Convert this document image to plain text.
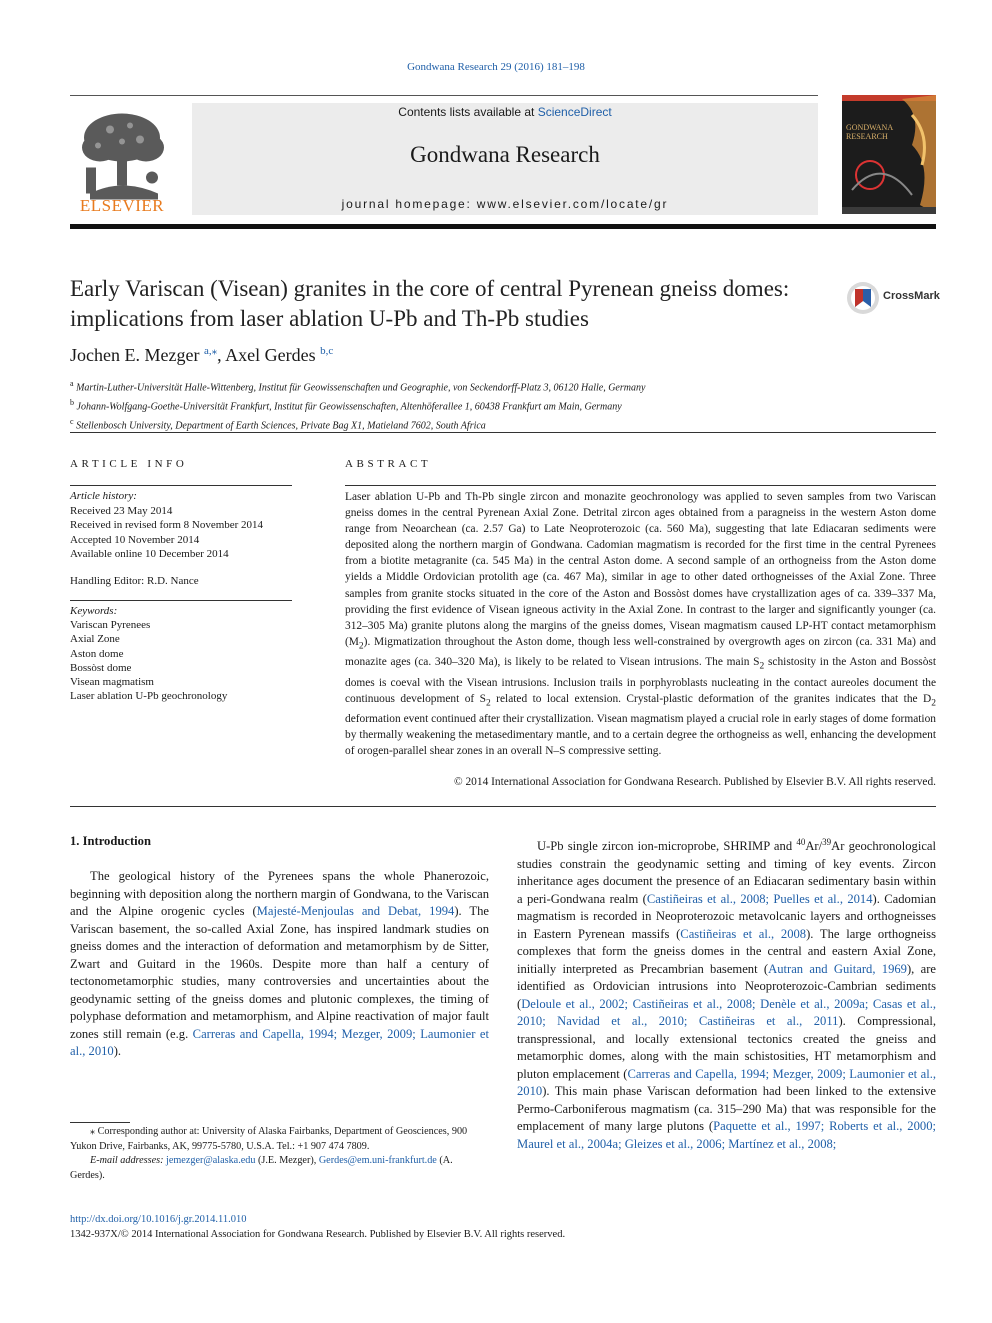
Gondwana Research 29 (2016) 181–198
ELSEVIER
Contents lists available at ScienceDirect
Gondwana Research
journal homepage: www.elsevier.com/locate/gr
GONDWANA RESEARCH
Early Variscan (Visean) granites in the core of central Pyrenean gneiss domes: implications from laser ablation U-Pb and Th-Pb studies
CrossMark
Jochen E. Mezger $^{a,⁎}$, Axel Gerdes $^{b,c}$
$^a$ Martin-Luther-Universität Halle-Wittenberg, Institut für Geowissenschaften und Geographie, von Seckendorff-Platz 3, 06120 Halle, Germany
$^b$ Johann-Wolfgang-Goethe-Universität Frankfurt, Institut für Geowissenschaften, Altenhöferallee 1, 60438 Frankfurt am Main, Germany
$^c$ Stellenbosch University, Department of Earth Sciences, Private Bag X1, Matieland 7602, South Africa
ARTICLE INFO
Article history:
Received 23 May 2014
Received in revised form 8 November 2014
Accepted 10 November 2014
Available online 10 December 2014
Handling Editor: R.D. Nance
Keywords:
Variscan Pyrenees
Axial Zone
Aston dome
Bossòst dome
Visean magmatism
Laser ablation U-Pb geochronology
ABSTRACT

Laser ablation U-Pb and Th-Pb single zircon and monazite geochronology was applied to seven samples from two Variscan gneiss domes in the central Pyrenean Axial Zone. Detrital zircon ages obtained from a paragneiss in the western Aston dome range from Neoarchean (ca. 2.57 Ga) to Late Neoproterozoic (ca. 560 Ma), suggesting that late Ediacaran sediments were deposited along the northern margin of Gondwana. Cadomian magmatism is recorded for the first time in the central Pyrenees from a biotite metagranite (ca. 545 Ma) in the central Aston dome. A second sample of an orthogneiss from the Aston dome yields a Middle Ordovician protolith age (ca. 467 Ma), similar in age to other dated orthogneisses of the Axial Zone. Three samples from granite stocks situated in the core of the Aston and Bossòst domes have crystallization ages of ca. 339–337 Ma, providing the first evidence of Visean igneous activity in the Axial Zone. In contrast to the larger and significantly younger (ca. 312–305 Ma) granite plutons along the margins of the gneiss domes, Visean magmatism caused LP-HT contact metamorphism $(M_2)$. Migmatization throughout the Aston dome, though less well-constrained by overgrowth ages on zircon (ca. 331 Ma) and monazite ages (ca. 340–320 Ma), is likely to be related to Visean intrusions. The main $S_2$ schistosity in the Aston and Bossòst domes is coeval with the Visean intrusions. Inclusion trails in porphyroblasts nucleating in the contact aureoles document the continuous development of $S_2$ related to local extension. Crystal-plastic deformation of the granites indicates that the $D_2$ deformation event continued after their crystallization. Visean magmatism played a crucial role in early stages of dome formation by thermally weakening the metasedimentary mantle, and to a certain degree the orthogneiss as well, enhancing the development of orogen-parallel shear zones in an overall N–S compressive setting.

© 2014 International Association for Gondwana Research. Published by Elsevier B.V. All rights reserved.
1. Introduction
The geological history of the Pyrenees spans the whole Phanerozoic, beginning with deposition along the northern margin of Gondwana, to the Variscan and the Alpine orogenic cycles (Majesté-Menjoulas and Debat, 1994). The Variscan basement, the so-called Axial Zone, has inspired landmark studies on gneiss domes and the interaction of deformation and metamorphism by de Sitter, Zwart and Guitard in the 1960s. Despite more than half a century of tectonometamorphic studies, many controversies and uncertainties about the geodynamic setting of the gneiss domes and plutonic complexes, the timing of polyphase deformation and metamorphism, and Alpine reactivation of major fault zones still remain (e.g. Carreras and Capella, 1994; Mezger, 2009; Laumonier et al., 2010).
U-Pb single zircon ion-microprobe, SHRIMP and $^{40}$Ar/$^{39}$Ar geochronological studies constrain the geodynamic setting and timing of key events. Zircon inheritance ages document the presence of an Ediacaran sedimentary basin within a peri-Gondwana realm (Castiñeiras et al., 2008; Puelles et al., 2014). Cadomian magmatism is recorded in Neoproterozoic metavolcanic layers and orthogneisses in Eastern Pyrenean massifs (Castiñeiras et al., 2008). The large orthogneiss complexes that form the gneiss domes in the central and eastern Axial Zone, initially interpreted as Precambrian basement (Autran and Guitard, 1969), are identified as Ordovician intrusions into Neoproterozoic-Cambrian sediments (Deloule et al., 2002; Castiñeiras et al., 2008; Denèle et al., 2009a; Casas et al., 2010; Navidad et al., 2010; Castiñeiras et al., 2011). Compressional, transpressional, and locally extensional tectonics created the gneiss and metamorphic domes, along with the main schistosities, HT metamorphism and pluton emplacement (Carreras and Capella, 1994; Mezger, 2009; Laumonier et al., 2010). This main phase Variscan deformation had been linked to the extensive Permo-Carboniferous magmatism (ca. 315–290 Ma) that was responsible for the emplacement of many large plutons (Paquette et al., 1997; Roberts et al., 2000; Maurel et al., 2004a; Gleizes et al., 2006; Martínez et al., 2008;
⁎ Corresponding author at: University of Alaska Fairbanks, Department of Geosciences, 900 Yukon Drive, Fairbanks, AK, 99775-5780, U.S.A. Tel.: +1 907 474 7809.
E-mail addresses: jemezger@alaska.edu (J.E. Mezger), Gerdes@em.uni-frankfurt.de (A. Gerdes).
http://dx.doi.org/10.1016/j.gr.2014.11.010
1342-937X/© 2014 International Association for Gondwana Research. Published by Elsevier B.V. All rights reserved.
